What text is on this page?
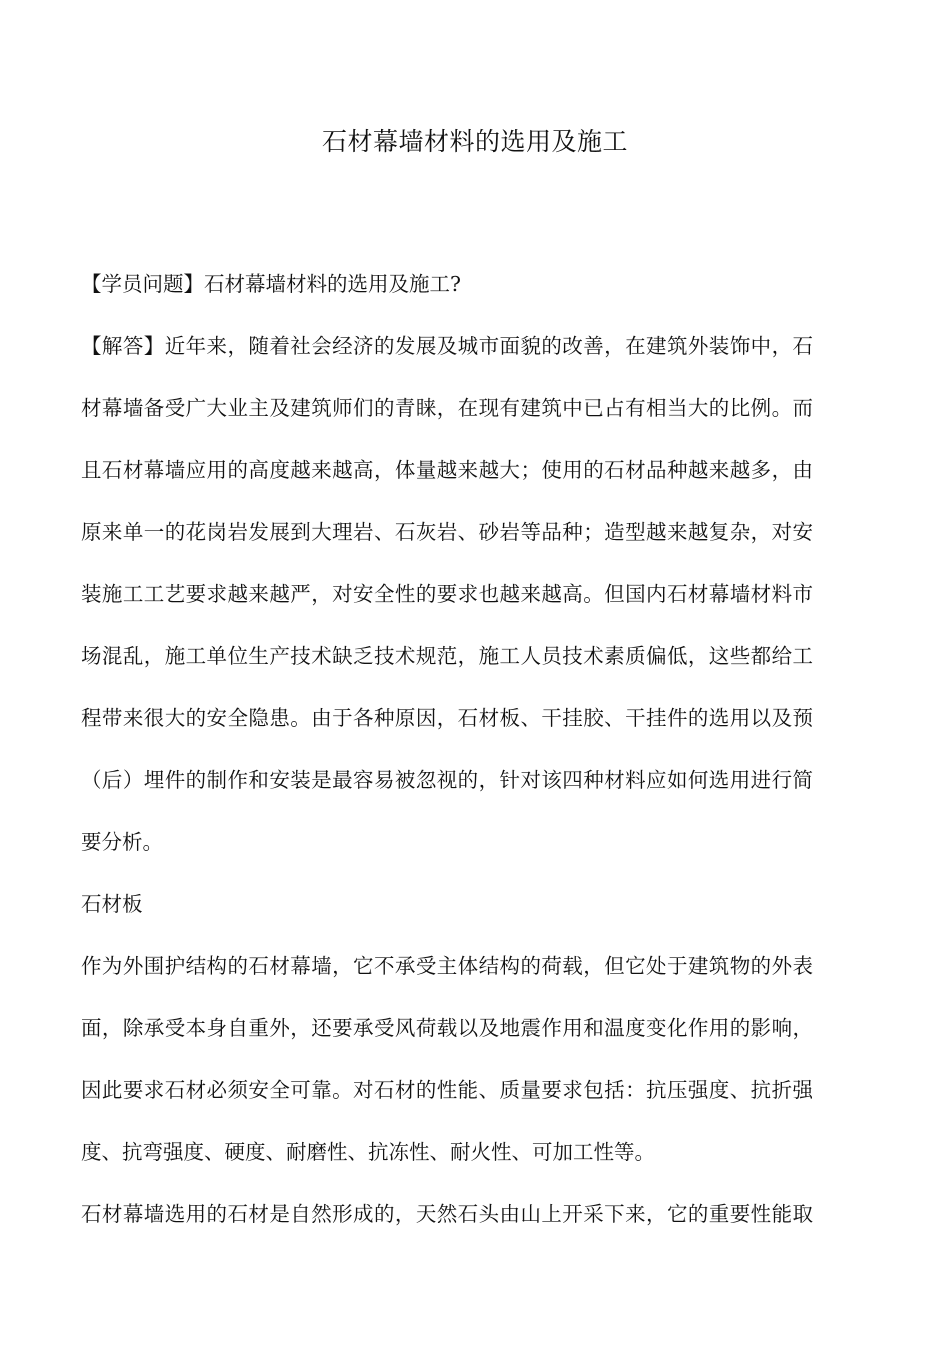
石材幕墙材料的选用及施工
【学员问题】石材幕墙材料的选用及施工?
【解答】近年来，随着社会经济的发展及城市面貌的改善，在建筑外装饰中，石
材幕墙备受广大业主及建筑师们的青睐，在现有建筑中已占有相当大的比例。而
且石材幕墙应用的高度越来越高，体量越来越大；使用的石材品种越来越多，由
原来单一的花岗岩发展到大理岩、石灰岩、砂岩等品种；造型越来越复杂，对安
装施工工艺要求越来越严，对安全性的要求也越来越高。但国内石材幕墙材料市
场混乱，施工单位生产技术缺乏技术规范，施工人员技术素质偏低，这些都给工
程带来很大的安全隐患。由于各种原因，石材板、干挂胶、干挂件的选用以及预
（后）埋件的制作和安装是最容易被忽视的，针对该四种材料应如何选用进行简
要分析。
石材板
作为外围护结构的石材幕墙，它不承受主体结构的荷载，但它处于建筑物的外表
面，除承受本身自重外，还要承受风荷载以及地震作用和温度变化作用的影响，
因此要求石材必须安全可靠。对石材的性能、质量要求包括：抗压强度、抗折强
度、抗弯强度、硬度、耐磨性、抗冻性、耐火性、可加工性等。
石材幕墙选用的石材是自然形成的，天然石头由山上开采下来，它的重要性能取
